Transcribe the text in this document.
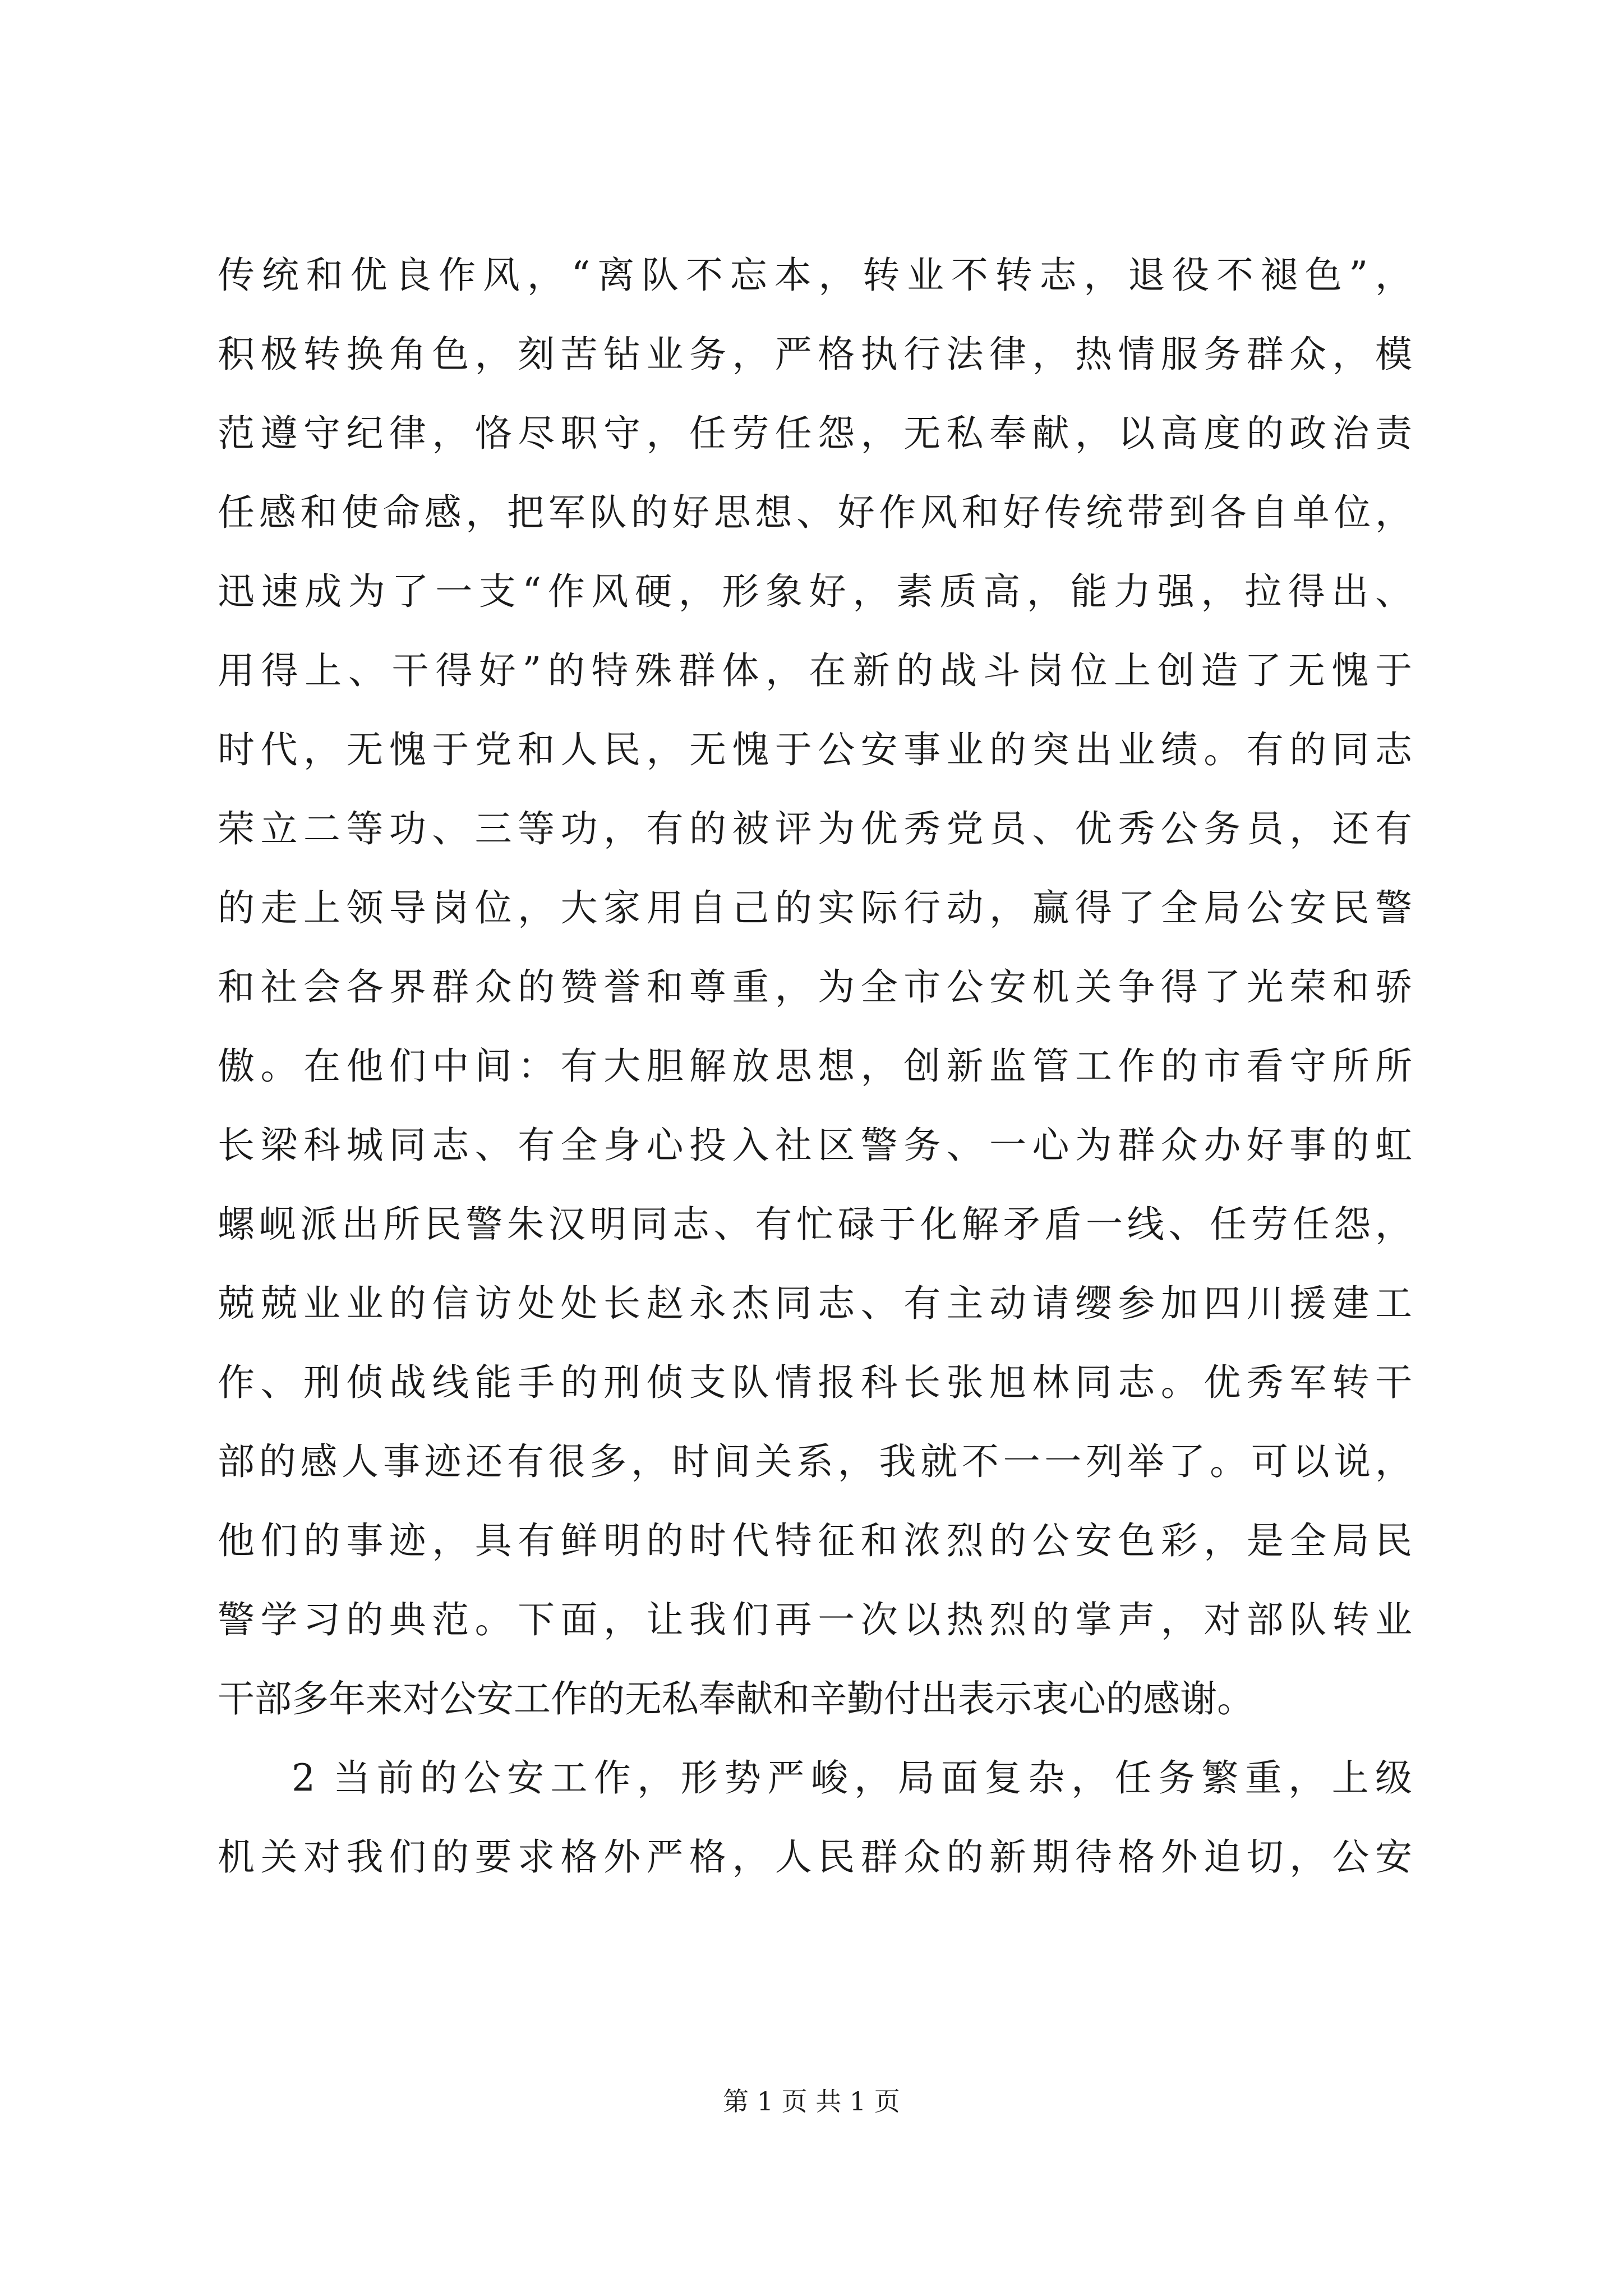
传统和优良作风，“离队不忘本，转业不转志，退役不褪色”，
积极转换角色，刻苦钻业务，严格执行法律，热情服务群众，模
范遵守纪律，恪尽职守，任劳任怨，无私奉献，以高度的政治责
任感和使命感，把军队的好思想、好作风和好传统带到各自单位，
迅速成为了一支“作风硬，形象好，素质高，能力强，拉得出、
用得上、干得好”的特殊群体，在新的战斗岗位上创造了无愧于
时代，无愧于党和人民，无愧于公安事业的突出业绩。有的同志
荣立二等功、三等功，有的被评为优秀党员、优秀公务员，还有
的走上领导岗位，大家用自己的实际行动，赢得了全局公安民警
和社会各界群众的赞誉和尊重，为全市公安机关争得了光荣和骄
傲。在他们中间：有大胆解放思想，创新监管工作的市看守所所
长梁科城同志、有全身心投入社区警务、一心为群众办好事的虹
螺岘派出所民警朱汉明同志、有忙碌于化解矛盾一线、任劳任怨，
兢兢业业的信访处处长赵永杰同志、有主动请缨参加四川援建工
作、刑侦战线能手的刑侦支队情报科长张旭林同志。优秀军转干
部的感人事迹还有很多，时间关系，我就不一一列举了。可以说，
他们的事迹，具有鲜明的时代特征和浓烈的公安色彩，是全局民
警学习的典范。下面，让我们再一次以热烈的掌声，对部队转业
干部多年来对公安工作的无私奉献和辛勤付出表示衷心的感谢。
2 当前的公安工作，形势严峻，局面复杂，任务繁重，上级
机关对我们的要求格外严格，人民群众的新期待格外迫切，公安
第 1 页 共 1 页
